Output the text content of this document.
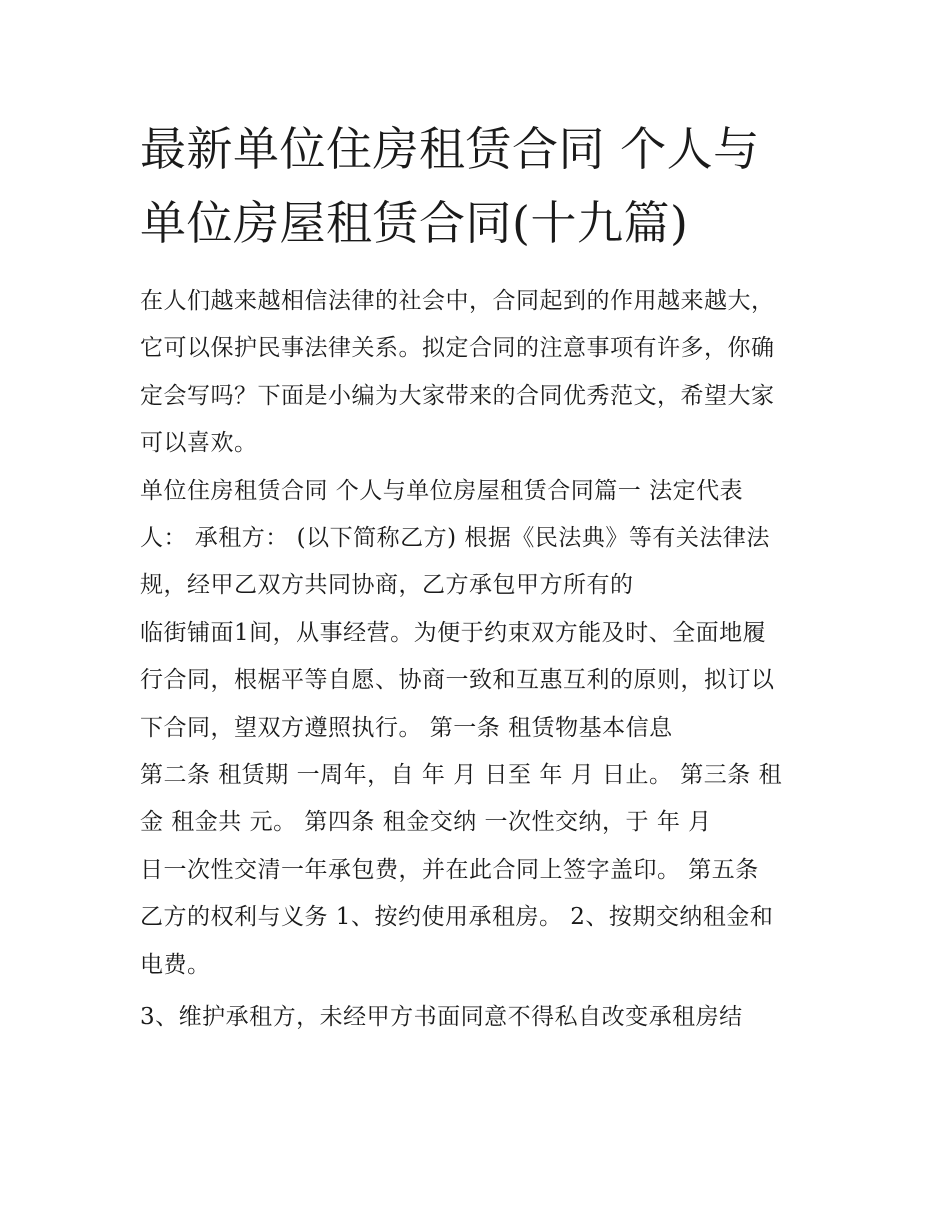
最新单位住房租赁合同 个人与
单位房屋租赁合同(十九篇)
在人们越来越相信法律的社会中，合同起到的作用越来越大，
它可以保护民事法律关系。拟定合同的注意事项有许多，你确
定会写吗？下面是小编为大家带来的合同优秀范文，希望大家
可以喜欢。
单位住房租赁合同 个人与单位房屋租赁合同篇一 法定代表
人： 承租方： (以下简称乙方) 根据《民法典》等有关法律法
规，经甲乙双方共同协商，乙方承包甲方所有的
临街铺面1间，从事经营。为便于约束双方能及时、全面地履
行合同，根椐平等自愿、协商一致和互惠互利的原则，拟订以
下合同，望双方遵照执行。 第一条 租赁物基本信息
第二条 租赁期 一周年，自 年 月 日至 年 月 日止。 第三条 租
金 租金共 元。 第四条 租金交纳 一次性交纳，于 年 月
日一次性交清一年承包费，并在此合同上签字盖印。 第五条
乙方的权利与义务 1、按约使用承租房。 2、按期交纳租金和
电费。
3、维护承租方，未经甲方书面同意不得私自改变承租房结
